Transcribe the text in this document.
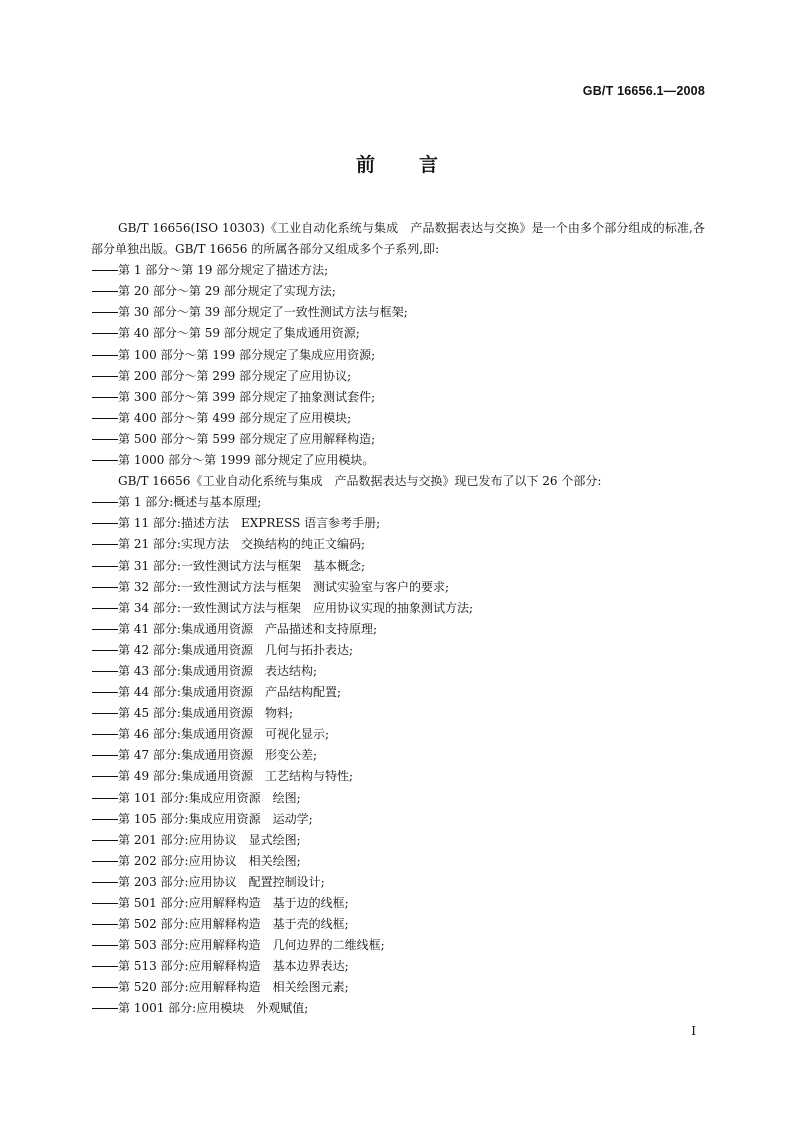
GB/T 16656.1—2008
前言

GB/T 16656(ISO 10303)《工业自动化系统与集成　产品数据表达与交换》是一个由多个部分组成的标准,各部分单独出版。GB/T 16656 的所属各部分又组成多个子系列,即:

第 1 部分～第 19 部分规定了描述方法;
第 20 部分～第 29 部分规定了实现方法;
第 30 部分～第 39 部分规定了一致性测试方法与框架;
第 40 部分～第 59 部分规定了集成通用资源;
第 100 部分～第 199 部分规定了集成应用资源;
第 200 部分～第 299 部分规定了应用协议;
第 300 部分～第 399 部分规定了抽象测试套件;
第 400 部分～第 499 部分规定了应用模块;
第 500 部分～第 599 部分规定了应用解释构造;
第 1000 部分～第 1999 部分规定了应用模块。

GB/T 16656《工业自动化系统与集成　产品数据表达与交换》现已发布了以下 26 个部分:

第 1 部分:概述与基本原理;
第 11 部分:描述方法　EXPRESS 语言参考手册;
第 21 部分:实现方法　交换结构的纯正文编码;
第 31 部分:一致性测试方法与框架　基本概念;
第 32 部分:一致性测试方法与框架　测试实验室与客户的要求;
第 34 部分:一致性测试方法与框架　应用协议实现的抽象测试方法;
第 41 部分:集成通用资源　产品描述和支持原理;
第 42 部分:集成通用资源　几何与拓扑表达;
第 43 部分:集成通用资源　表达结构;
第 44 部分:集成通用资源　产品结构配置;
第 45 部分:集成通用资源　物料;
第 46 部分:集成通用资源　可视化显示;
第 47 部分:集成通用资源　形变公差;
第 49 部分:集成通用资源　工艺结构与特性;
第 101 部分:集成应用资源　绘图;
第 105 部分:集成应用资源　运动学;
第 201 部分:应用协议　显式绘图;
第 202 部分:应用协议　相关绘图;
第 203 部分:应用协议　配置控制设计;
第 501 部分:应用解释构造　基于边的线框;
第 502 部分:应用解释构造　基于壳的线框;
第 503 部分:应用解释构造　几何边界的二维线框;
第 513 部分:应用解释构造　基本边界表达;
第 520 部分:应用解释构造　相关绘图元素;
第 1001 部分:应用模块　外观赋值;
I
